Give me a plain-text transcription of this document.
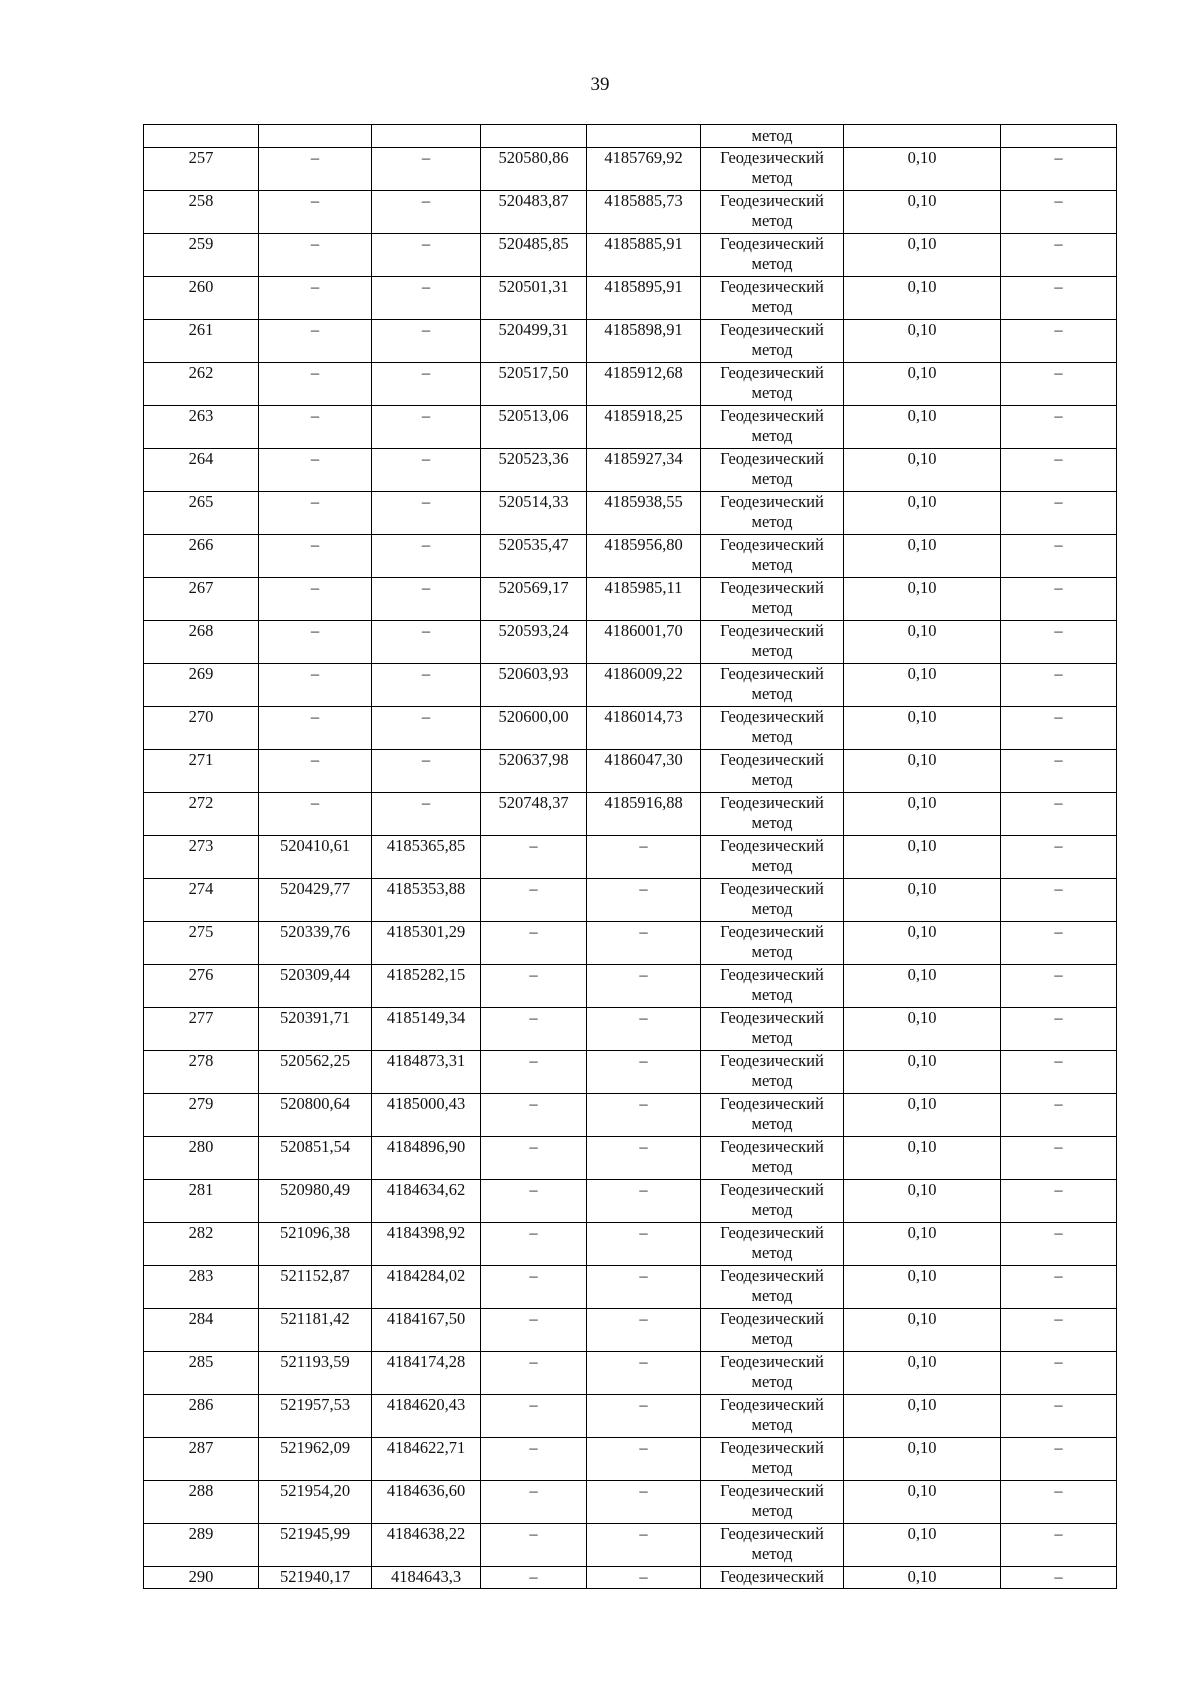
39
					метод		
257	–	–	520580,86	4185769,92	Геодезический метод	0,10	–
258	–	–	520483,87	4185885,73	Геодезический метод	0,10	–
259	–	–	520485,85	4185885,91	Геодезический метод	0,10	–
260	–	–	520501,31	4185895,91	Геодезический метод	0,10	–
261	–	–	520499,31	4185898,91	Геодезический метод	0,10	–
262	–	–	520517,50	4185912,68	Геодезический метод	0,10	–
263	–	–	520513,06	4185918,25	Геодезический метод	0,10	–
264	–	–	520523,36	4185927,34	Геодезический метод	0,10	–
265	–	–	520514,33	4185938,55	Геодезический метод	0,10	–
266	–	–	520535,47	4185956,80	Геодезический метод	0,10	–
267	–	–	520569,17	4185985,11	Геодезический метод	0,10	–
268	–	–	520593,24	4186001,70	Геодезический метод	0,10	–
269	–	–	520603,93	4186009,22	Геодезический метод	0,10	–
270	–	–	520600,00	4186014,73	Геодезический метод	0,10	–
271	–	–	520637,98	4186047,30	Геодезический метод	0,10	–
272	–	–	520748,37	4185916,88	Геодезический метод	0,10	–
273	520410,61	4185365,85	–	–	Геодезический метод	0,10	–
274	520429,77	4185353,88	–	–	Геодезический метод	0,10	–
275	520339,76	4185301,29	–	–	Геодезический метод	0,10	–
276	520309,44	4185282,15	–	–	Геодезический метод	0,10	–
277	520391,71	4185149,34	–	–	Геодезический метод	0,10	–
278	520562,25	4184873,31	–	–	Геодезический метод	0,10	–
279	520800,64	4185000,43	–	–	Геодезический метод	0,10	–
280	520851,54	4184896,90	–	–	Геодезический метод	0,10	–
281	520980,49	4184634,62	–	–	Геодезический метод	0,10	–
282	521096,38	4184398,92	–	–	Геодезический метод	0,10	–
283	521152,87	4184284,02	–	–	Геодезический метод	0,10	–
284	521181,42	4184167,50	–	–	Геодезический метод	0,10	–
285	521193,59	4184174,28	–	–	Геодезический метод	0,10	–
286	521957,53	4184620,43	–	–	Геодезический метод	0,10	–
287	521962,09	4184622,71	–	–	Геодезический метод	0,10	–
288	521954,20	4184636,60	–	–	Геодезический метод	0,10	–
289	521945,99	4184638,22	–	–	Геодезический метод	0,10	–
290	521940,17	4184643,3	–	–	Геодезический	0,10	–
